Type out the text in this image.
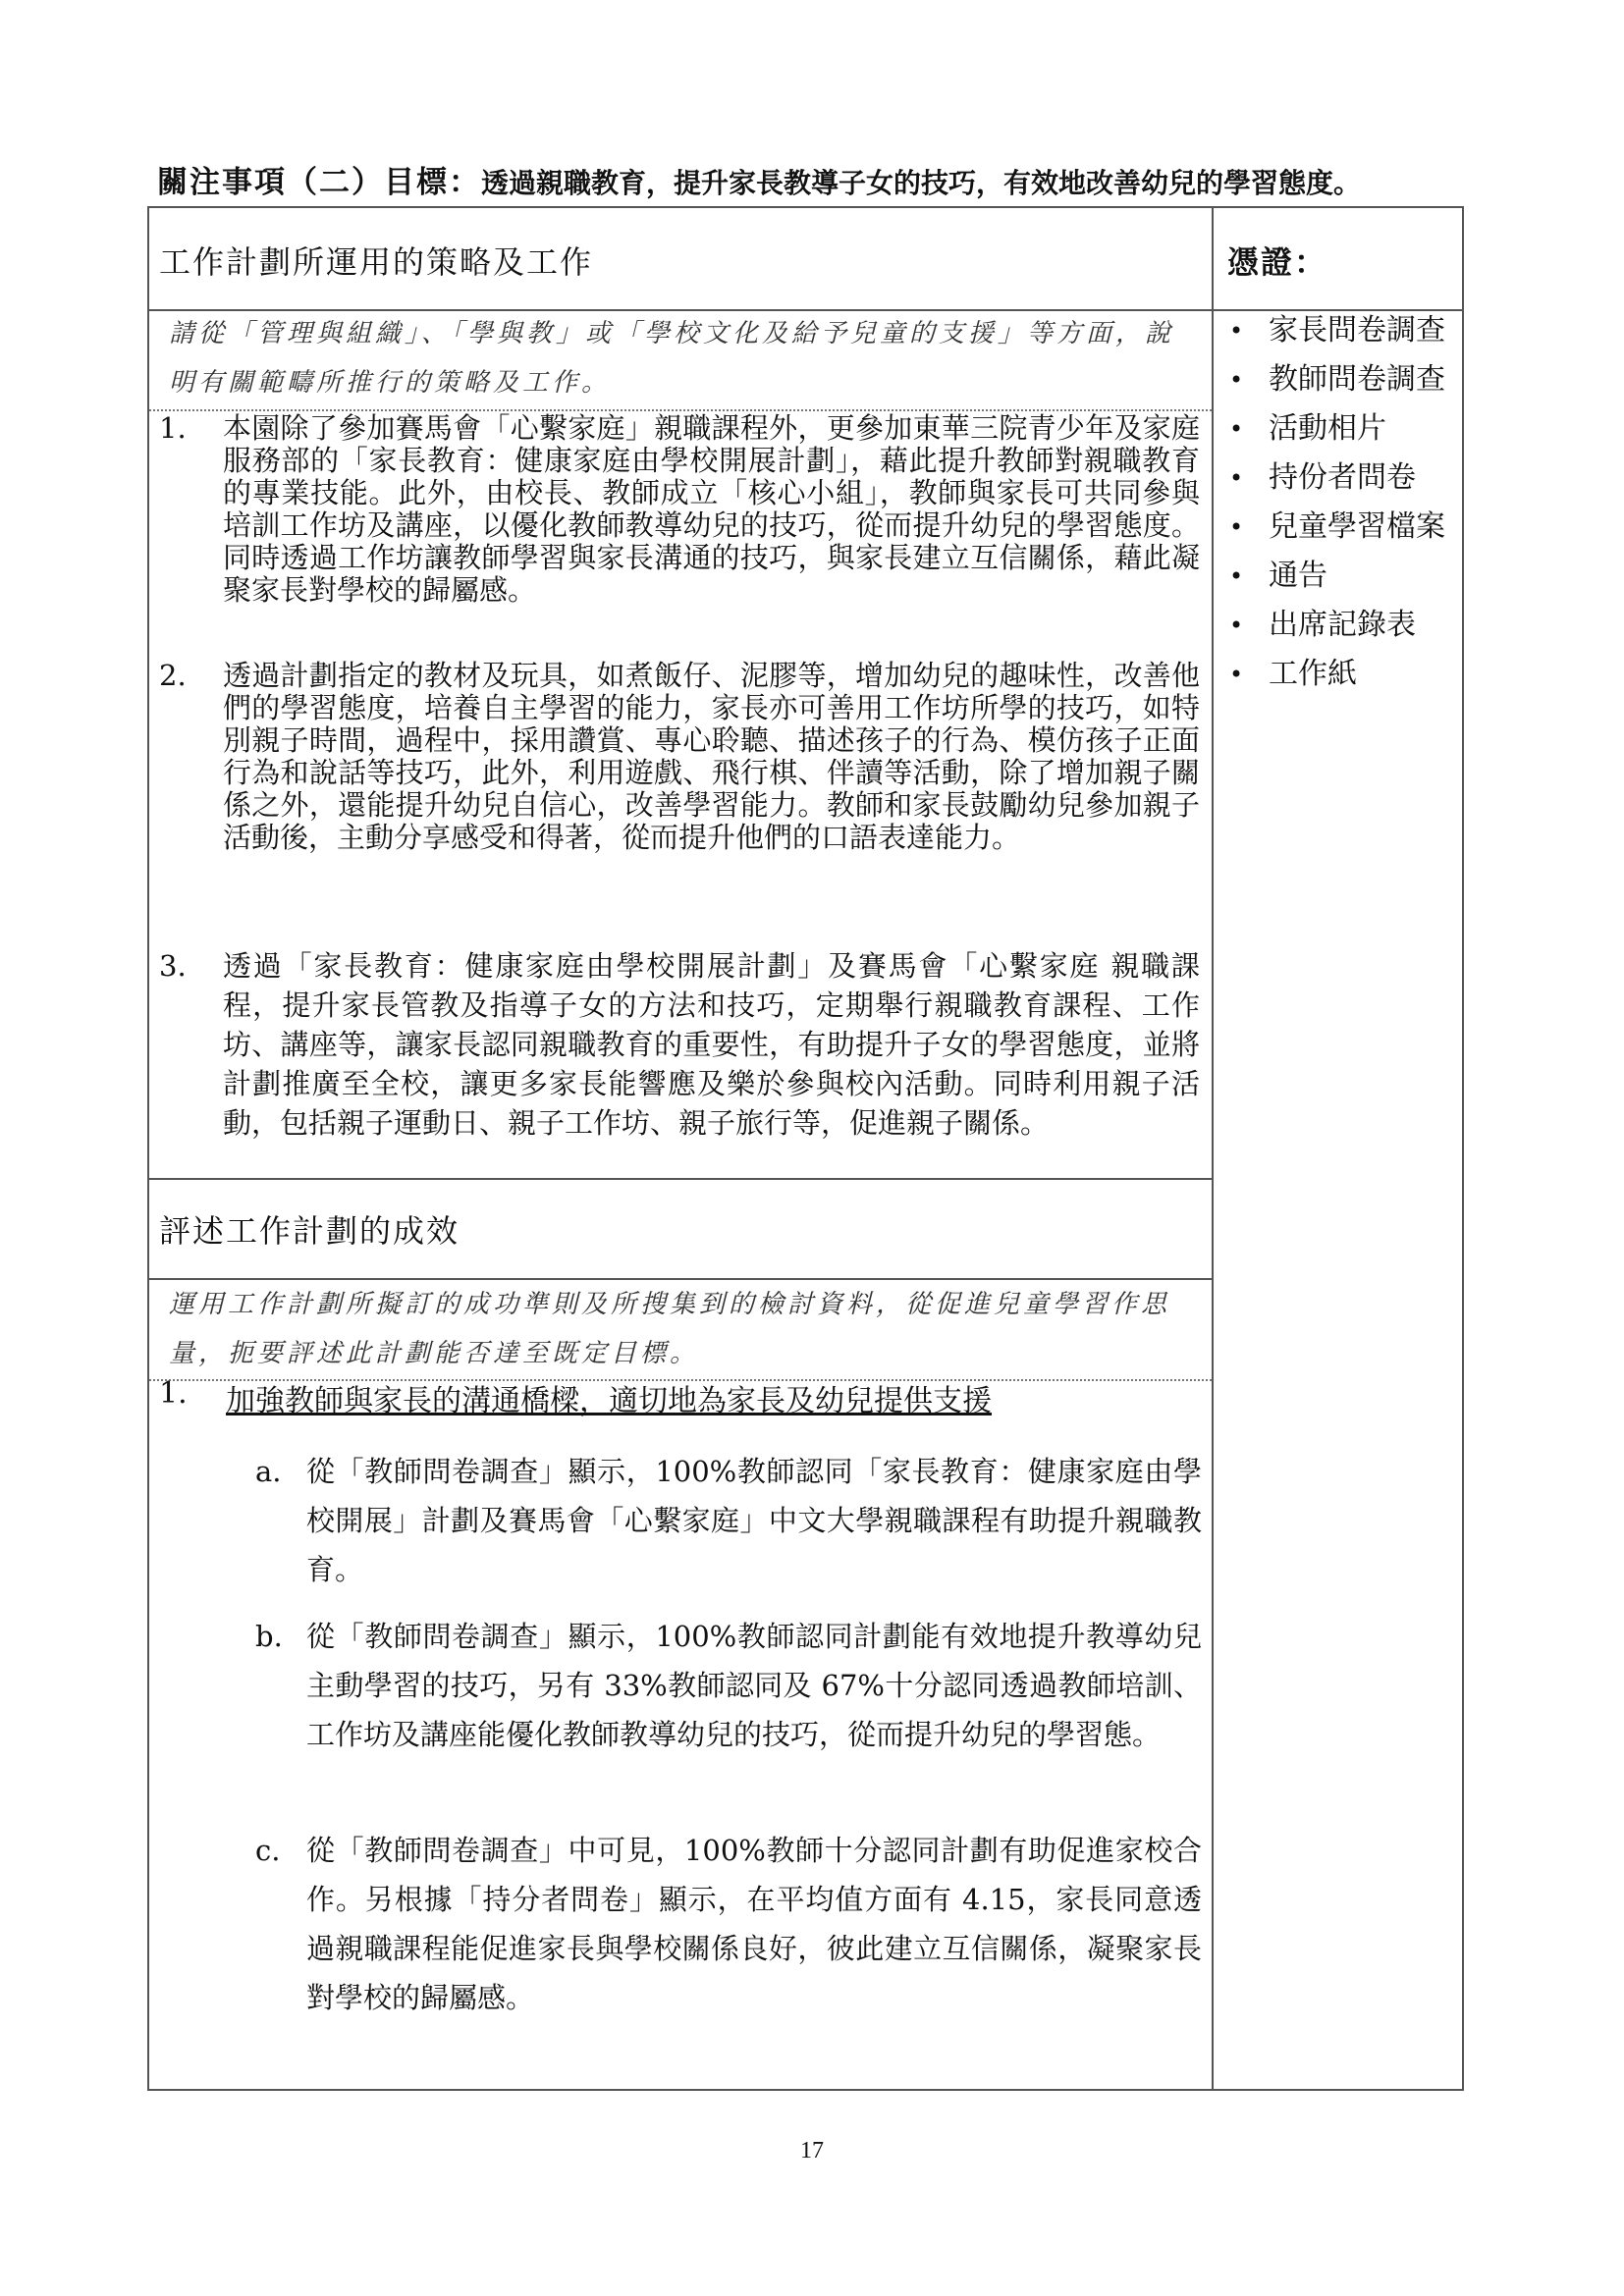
關注事項（二）目標：透過親職教育，提升家長教導子女的技巧，有效地改善幼兒的學習態度。
工作計劃所運用的策略及工作	憑證：
請從「管理與組織」、「學與教」或「學校文化及給予兒童的支援」等方面，說明有關範疇所推行的策略及工作。
1. 本園除了參加賽馬會「心繫家庭」親職課程外，更參加東華三院青少年及家庭服務部的「家長教育：健康家庭由學校開展計劃」，藉此提升教師對親職教育的專業技能。此外，由校長、教師成立「核心小組」，教師與家長可共同參與培訓工作坊及講座，以優化教師教導幼兒的技巧，從而提升幼兒的學習態度。同時透過工作坊讓教師學習與家長溝通的技巧，與家長建立互信關係，藉此凝聚家長對學校的歸屬感。
2. 透過計劃指定的教材及玩具，如煮飯仔、泥膠等，增加幼兒的趣味性，改善他們的學習態度，培養自主學習的能力，家長亦可善用工作坊所學的技巧，如特別親子時間，過程中，採用讚賞、專心聆聽、描述孩子的行為、模仿孩子正面行為和說話等技巧，此外，利用遊戲、飛行棋、伴讀等活動，除了增加親子關係之外，還能提升幼兒自信心，改善學習能力。教師和家長鼓勵幼兒參加親子活動後，主動分享感受和得著，從而提升他們的口語表達能力。
3. 透過「家長教育：健康家庭由學校開展計劃」及賽馬會「心繫家庭 親職課程，提升家長管教及指導子女的方法和技巧，定期舉行親職教育課程、工作坊、講座等，讓家長認同親職教育的重要性，有助提升子女的學習態度，並將計劃推廣至全校，讓更多家長能響應及樂於參與校內活動。同時利用親子活動，包括親子運動日、親子工作坊、親子旅行等，促進親子關係。
評述工作計劃的成效
運用工作計劃所擬訂的成功準則及所搜集到的檢討資料，從促進兒童學習作思量，扼要評述此計劃能否達至既定目標。
1. 加強教師與家長的溝通橋樑，適切地為家長及幼兒提供支援
a. 從「教師問卷調查」顯示，100%教師認同「家長教育：健康家庭由學校開展」計劃及賽馬會「心繫家庭」中文大學親職課程有助提升親職教育。
b. 從「教師問卷調查」顯示，100%教師認同計劃能有效地提升教導幼兒主動學習的技巧，另有 33%教師認同及 67%十分認同透過教師培訓、工作坊及講座能優化教師教導幼兒的技巧，從而提升幼兒的學習態。
c. 從「教師問卷調查」中可見，100%教師十分認同計劃有助促進家校合作。另根據「持分者問卷」顯示，在平均值方面有 4.15，家長同意透過親職課程能促進家長與學校關係良好，彼此建立互信關係，凝聚家長對學校的歸屬感。
• 家長問卷調查
• 教師問卷調查
• 活動相片
• 持份者問卷
• 兒童學習檔案
• 通告
• 出席記錄表
• 工作紙
17
